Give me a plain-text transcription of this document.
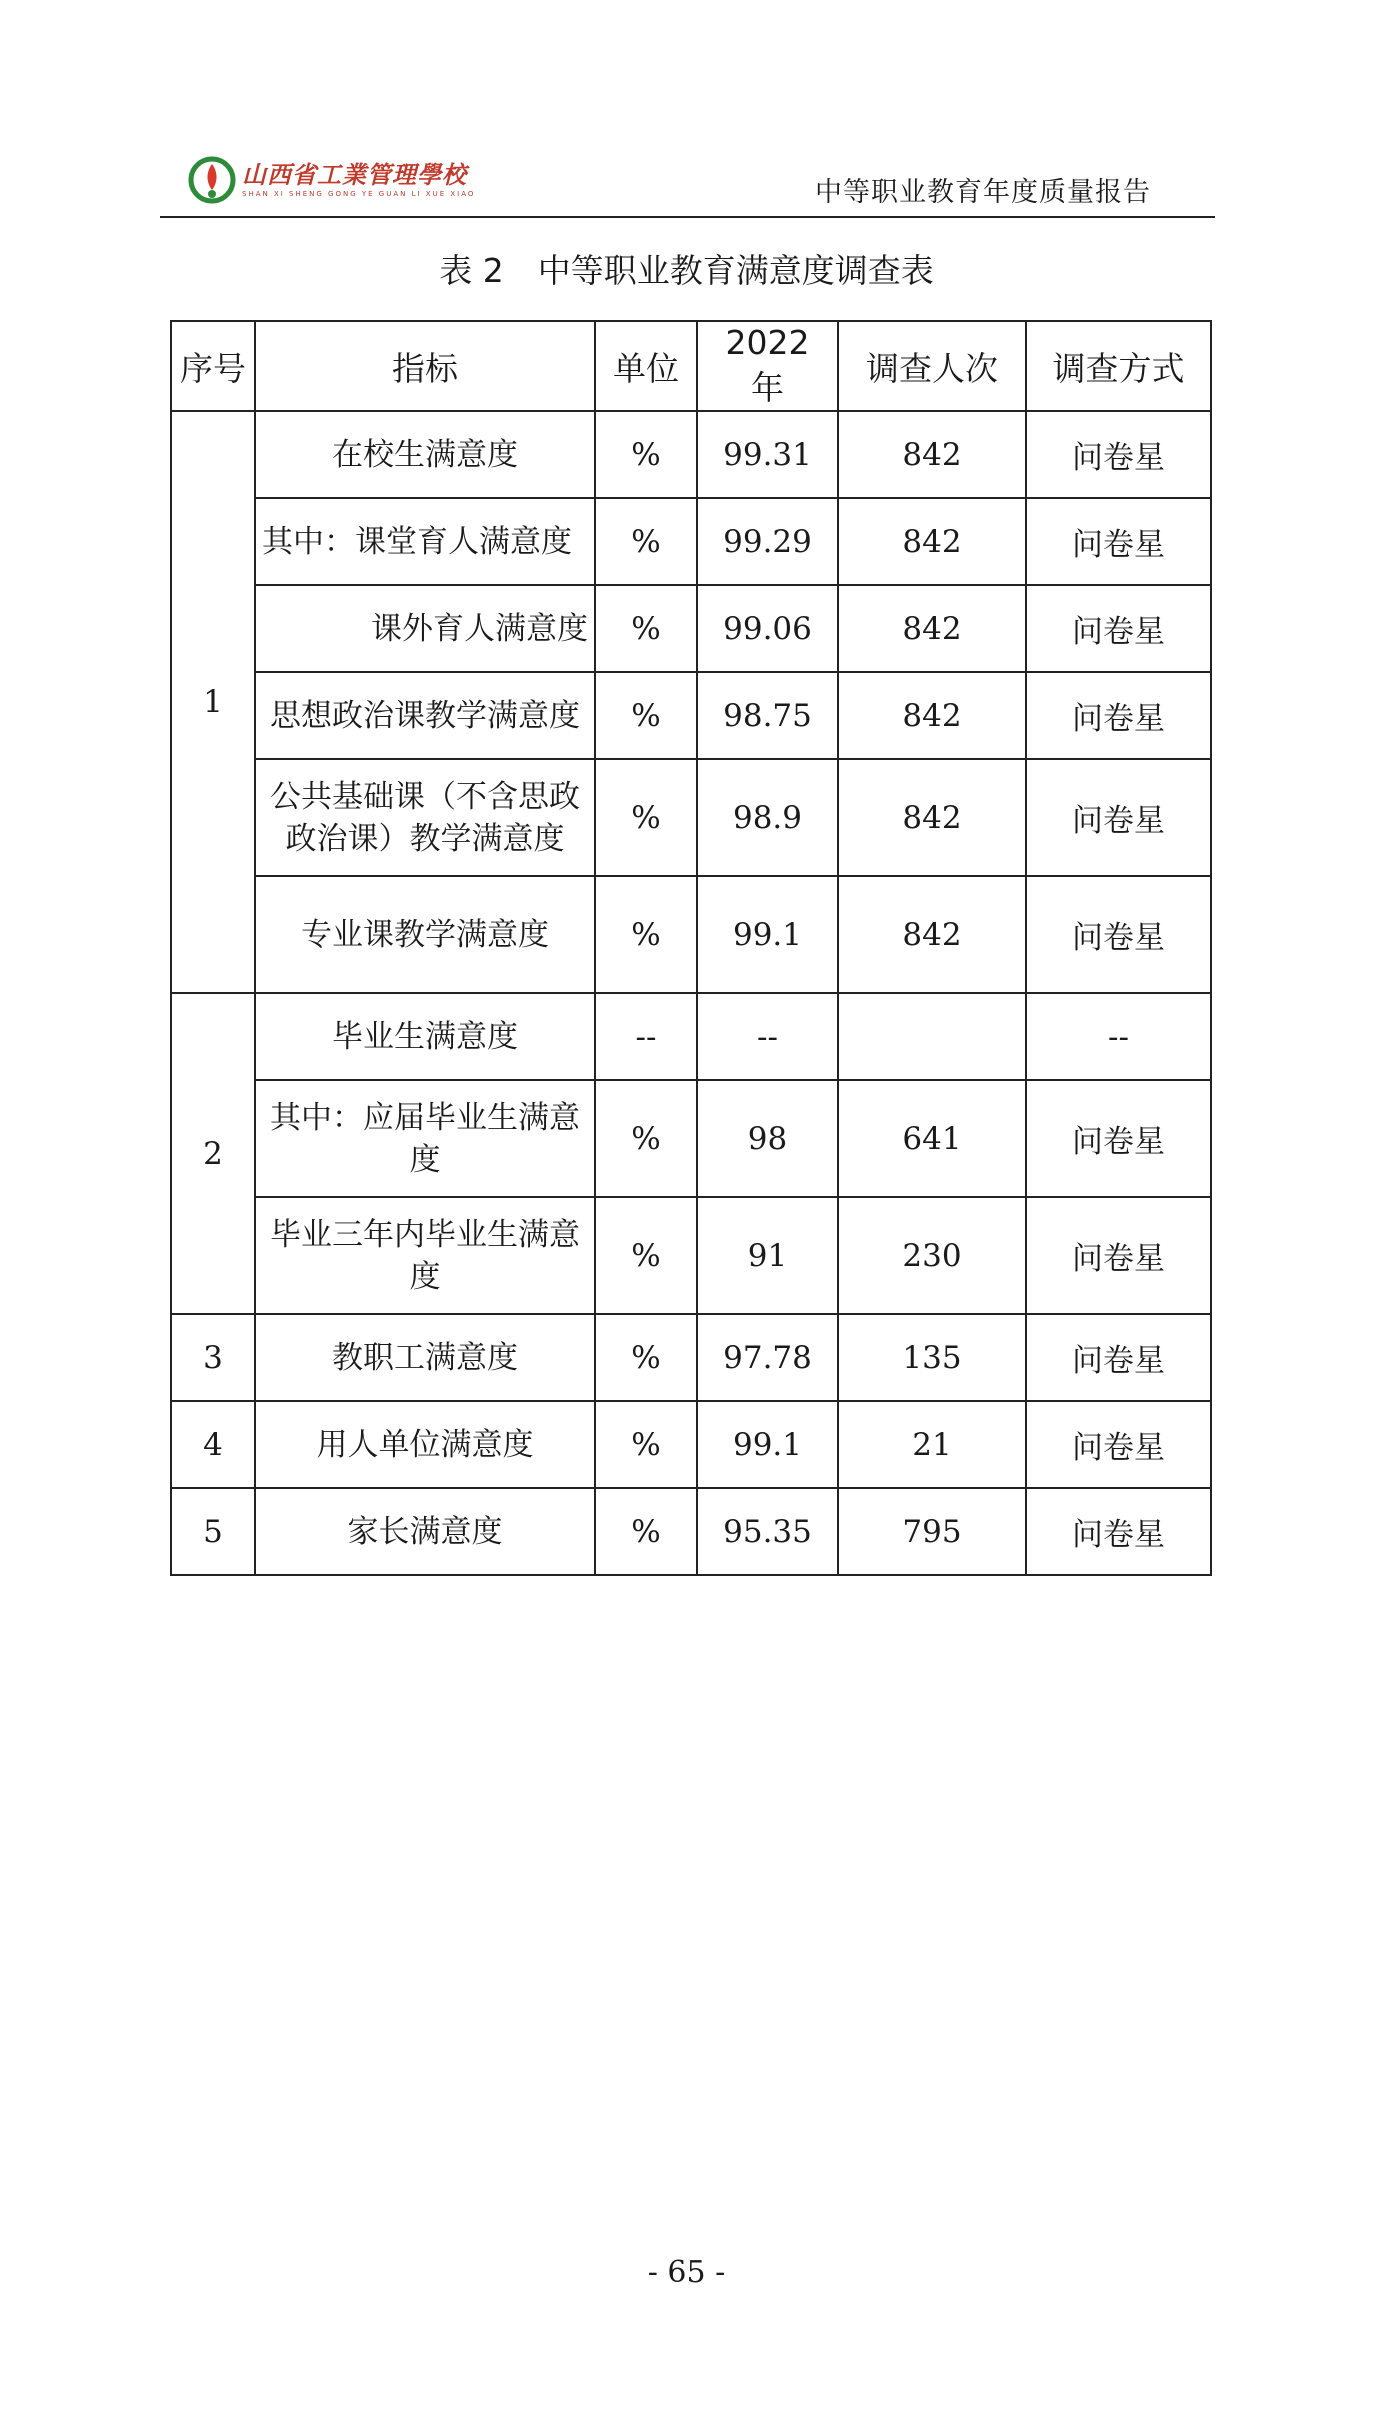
山西省工業管理學校
SHAN XI SHENG GONG YE GUAN LI XUE XIAO	中等职业教育年度质量报告
表 2 中等职业教育满意度调查表
序号	指标	单位	2022 年	调查人次	调查方式
1	在校生满意度	%	99.31	842	问卷星
	其中：课堂育人满意度	%	99.29	842	问卷星
	课外育人满意度	%	99.06	842	问卷星
	思想政治课教学满意度	%	98.75	842	问卷星
	公共基础课（不含思政政治课）教学满意度	%	98.9	842	问卷星
	专业课教学满意度	%	99.1	842	问卷星
2	毕业生满意度	--	--		--
	其中：应届毕业生满意度	%	98	641	问卷星
	毕业三年内毕业生满意度	%	91	230	问卷星
3	教职工满意度	%	97.78	135	问卷星
4	用人单位满意度	%	99.1	21	问卷星
5	家长满意度	%	95.35	795	问卷星
- 65 -
